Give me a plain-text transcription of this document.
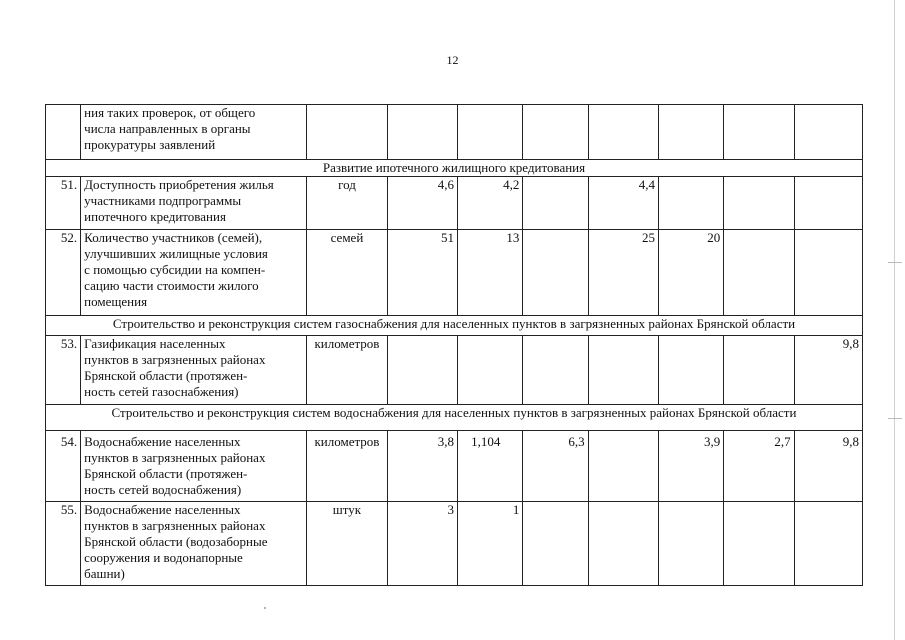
12

	ния таких проверок, от общего
числа направленных в органы
прокуратуры заявлений								

Развитие ипотечного жилищного кредитования									
51.	Доступность приобретения жилья
участниками подпрограммы
ипотечного кредитования	год	4,6	4,2		4,4			
52.	Количество участников (семей),
улучшивших жилищные условия
с помощью субсидии на компен-
сацию части стоимости жилого
помещения	семей	51	13		25	20		
Строительство и реконструкция систем газоснабжения для населенных пунктов в загрязненных районах Брянской области									
53.	Газификация населенных
пунктов в загрязненных районах
Брянской области (протяжен-
ность сетей газоснабжения)	километров							9,8
Строительство и реконструкция систем водоснабжения для населенных пунктов в загрязненных районах Брянской области									
54.	Водоснабжение населенных
пунктов в загрязненных районах
Брянской области (протяжен-
ность сетей водоснабжения)	километров	3,8	1,104	6,3		3,9	2,7	9,8
55.	Водоснабжение населенных
пунктов в загрязненных районах
Брянской области (водозаборные
сооружения и водонапорные
башни)	штук	3	1					
